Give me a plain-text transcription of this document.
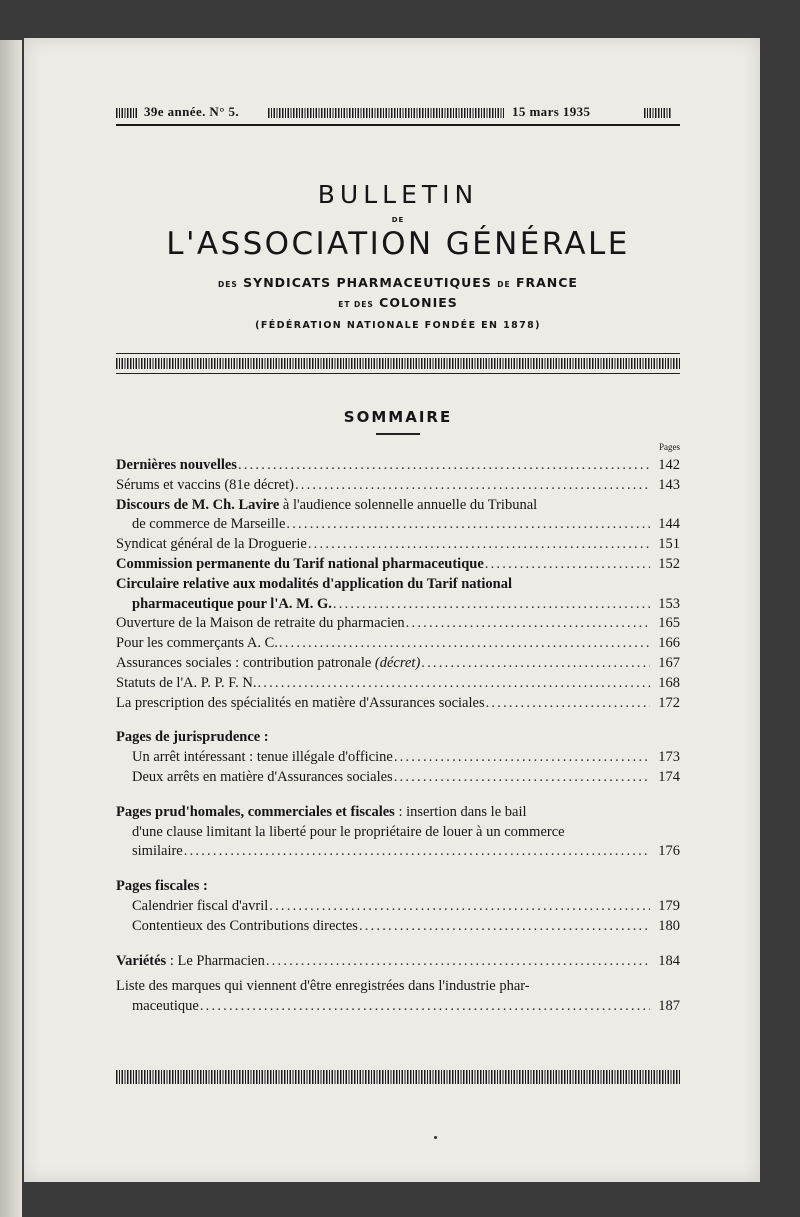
39e année. N° 5.	15 mars 1935
BULLETIN
DE
L'ASSOCIATION GÉNÉRALE
DES SYNDICATS PHARMACEUTIQUES DE FRANCE
ET DES COLONIES
(FÉDÉRATION NATIONALE FONDÉE EN 1878)
SOMMAIRE
Pages
Dernières nouvelles .....	142
Sérums et vaccins (81e décret) .....	143
Discours de M. Ch. Lavire
à l'audience solennelle annuelle du Tribunal
de commerce de Marseille .....	144
Syndicat général de la Droguerie .....	151
Commission permanente du Tarif national pharmaceutique .....	152
Circulaire relative aux modalités d'application du Tarif national
pharmaceutique pour l'A. M. G. .....	153
Ouverture de la Maison de retraite du pharmacien .....	165
Pour les commerçants A. C. .....	166
Assurances sociales : contribution patronale (décret) .....	167
Statuts de l'A. P. P. F. N. .....	168
La prescription des spécialités en matière d'Assurances sociales .....	172
Pages de jurisprudence :
Un arrêt intéressant : tenue illégale d'officine .....	173
Deux arrêts en matière d'Assurances sociales .....	174
Pages prud'homales, commerciales et fiscales
: insertion dans le bail
d'une clause limitant la liberté pour le propriétaire de louer à un commerce
similaire .....	176
Pages fiscales :
Calendrier fiscal d'avril .....	179
Contentieux des Contributions directes .....	180
Variétés : Le Pharmacien .....	184
Liste des marques qui viennent d'être enregistrées dans l'industrie phar-
maceutique .....	187
